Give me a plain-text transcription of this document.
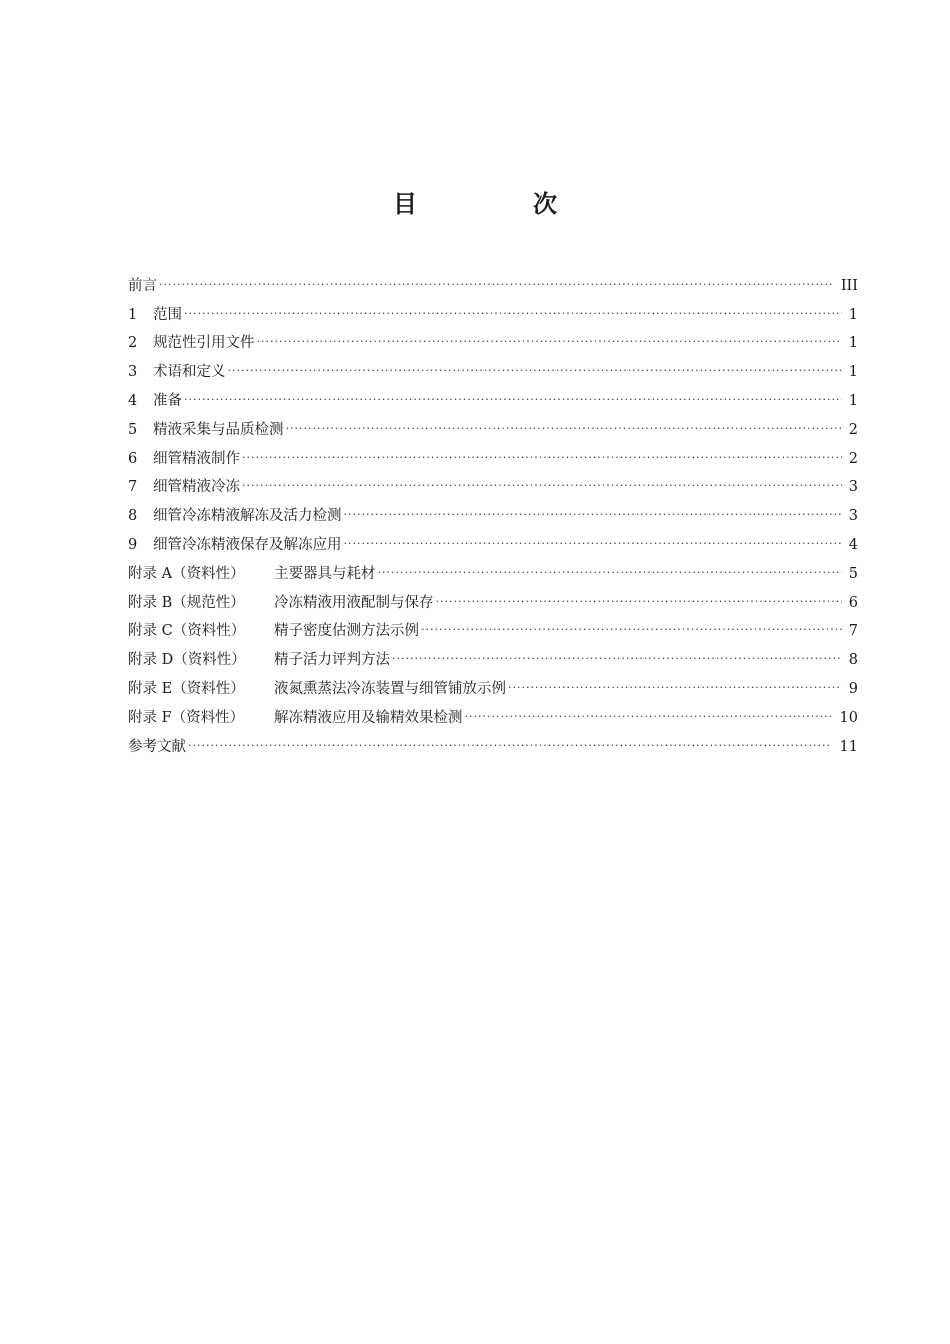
目　次
前言 ·····	III
1	范围 ·····	1
2	规范性引用文件 ·····	1
3	术语和定义 ·····	1
4	准备 ·····	1
5	精液采集与品质检测 ·····	2
6	细管精液制作 ·····	2
7	细管精液冷冻 ·····	3
8	细管冷冻精液解冻及活力检测 ·····	3
9	细管冷冻精液保存及解冻应用 ·····	4
附录 A（资料性）	主要器具与耗材 ·····	5
附录 B（规范性）	冷冻精液用液配制与保存 ·····	6
附录 C（资料性）	精子密度估测方法示例 ·····	7
附录 D（资料性）	精子活力评判方法 ·····	8
附录 E（资料性）	液氮熏蒸法冷冻装置与细管铺放示例 ·····	9
附录 F（资料性）	解冻精液应用及输精效果检测 ·····	10
参考文献 ·····	11
